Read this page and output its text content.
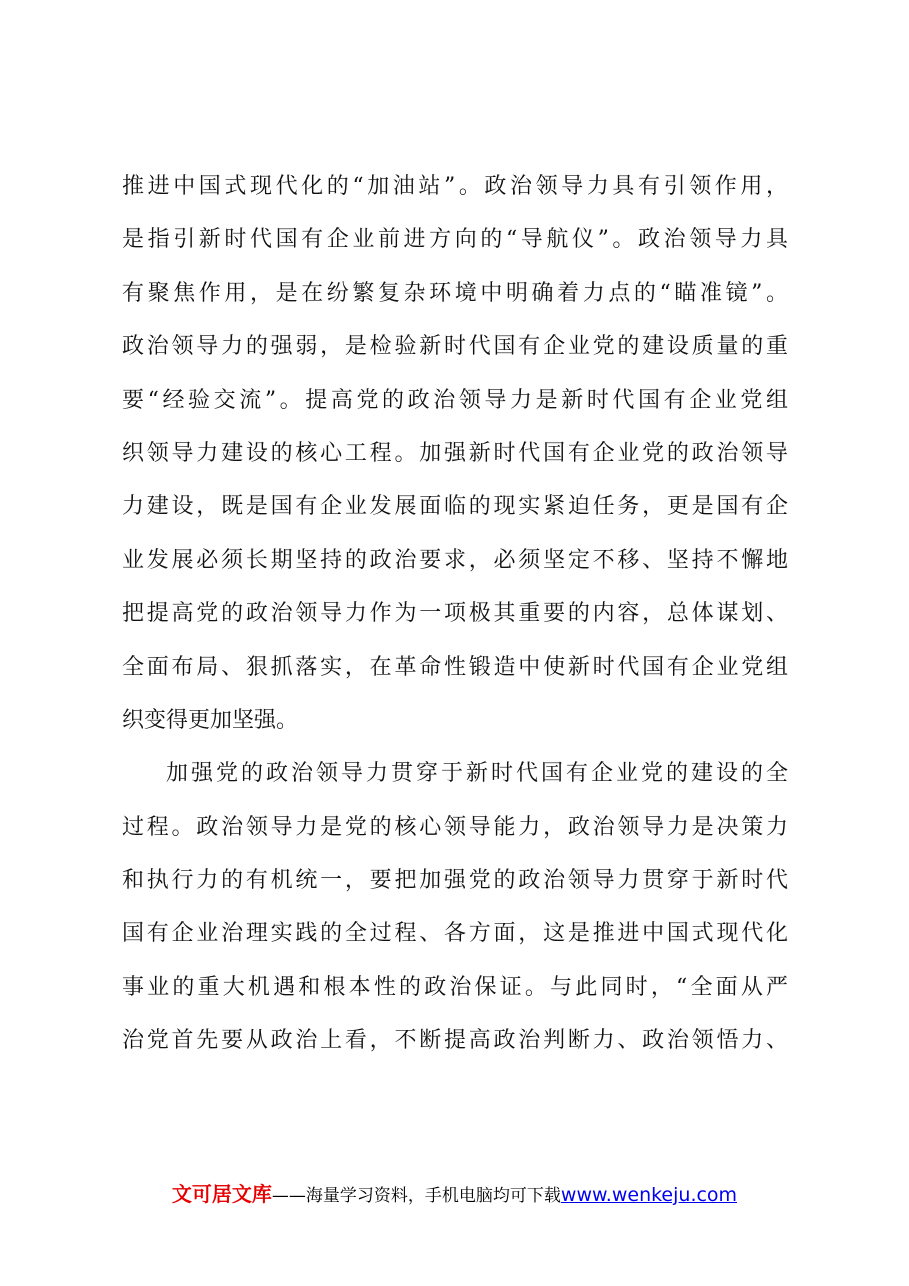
推进中国式现代化的“加油站”。政治领导力具有引领作用，
是指引新时代国有企业前进方向的“导航仪”。政治领导力具
有聚焦作用，是在纷繁复杂环境中明确着力点的“瞄准镜”。
政治领导力的强弱，是检验新时代国有企业党的建设质量的重
要“经验交流”。提高党的政治领导力是新时代国有企业党组
织领导力建设的核心工程。加强新时代国有企业党的政治领导
力建设，既是国有企业发展面临的现实紧迫任务，更是国有企
业发展必须长期坚持的政治要求，必须坚定不移、坚持不懈地
把提高党的政治领导力作为一项极其重要的内容，总体谋划、
全面布局、狠抓落实，在革命性锻造中使新时代国有企业党组
织变得更加坚强。
加强党的政治领导力贯穿于新时代国有企业党的建设的全
过程。政治领导力是党的核心领导能力，政治领导力是决策力
和执行力的有机统一，要把加强党的政治领导力贯穿于新时代
国有企业治理实践的全过程、各方面，这是推进中国式现代化
事业的重大机遇和根本性的政治保证。与此同时，“全面从严
治党首先要从政治上看，不断提高政治判断力、政治领悟力、
文可居文库——海量学习资料，手机电脑均可下载www.wenkeju.com
